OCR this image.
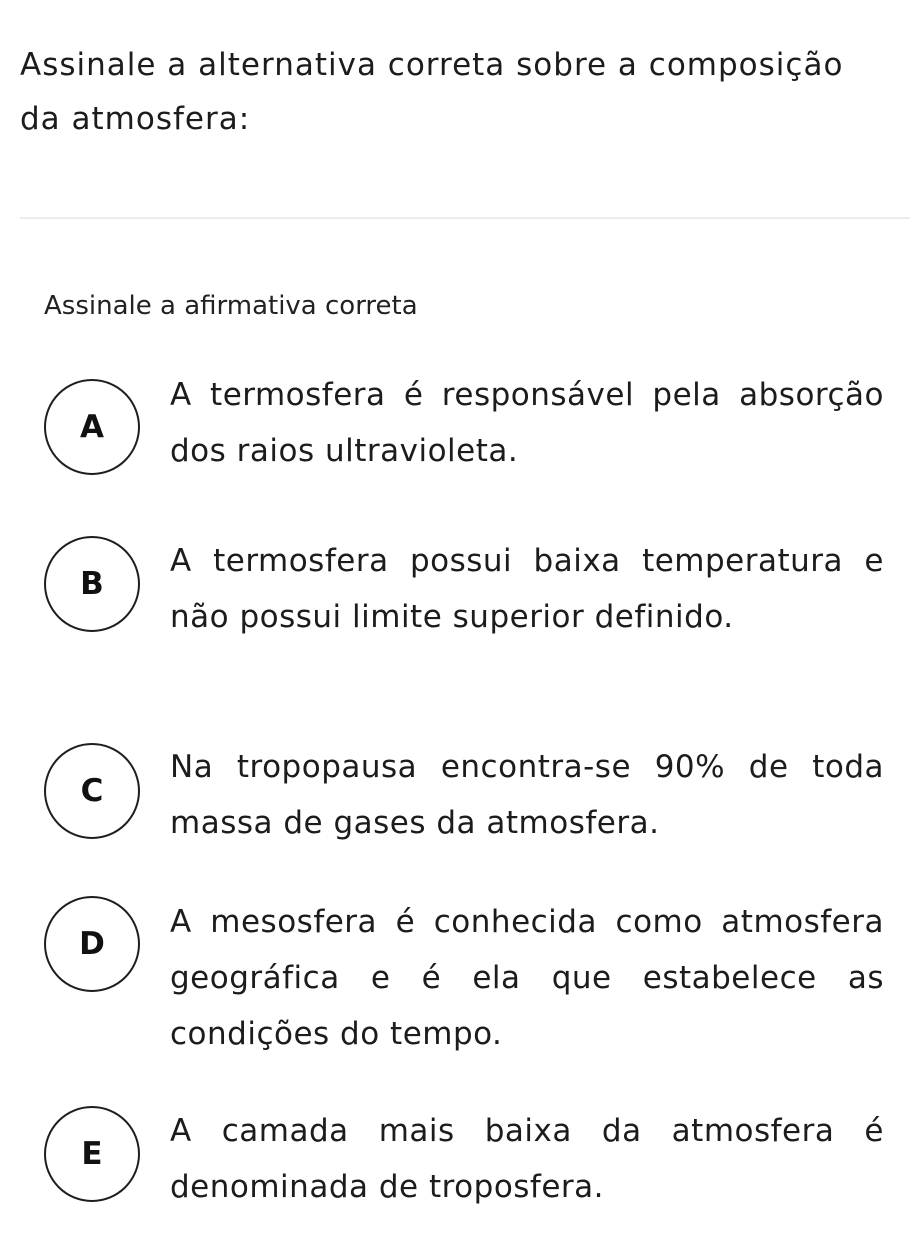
Assinale a alternativa correta sobre a composição da atmosfera:
Assinale a afirmativa correta
A
A termosfera é responsável pela absorção dos raios ultravioleta.
B
A termosfera possui baixa temperatura e não possui limite superior definido.
C
Na tropopausa encontra-se 90% de toda massa de gases da atmosfera.
D
A mesosfera é conhecida como atmosfera geográfica e é ela que estabelece as condições do tempo.
E
A camada mais baixa da atmosfera é denominada de troposfera.
